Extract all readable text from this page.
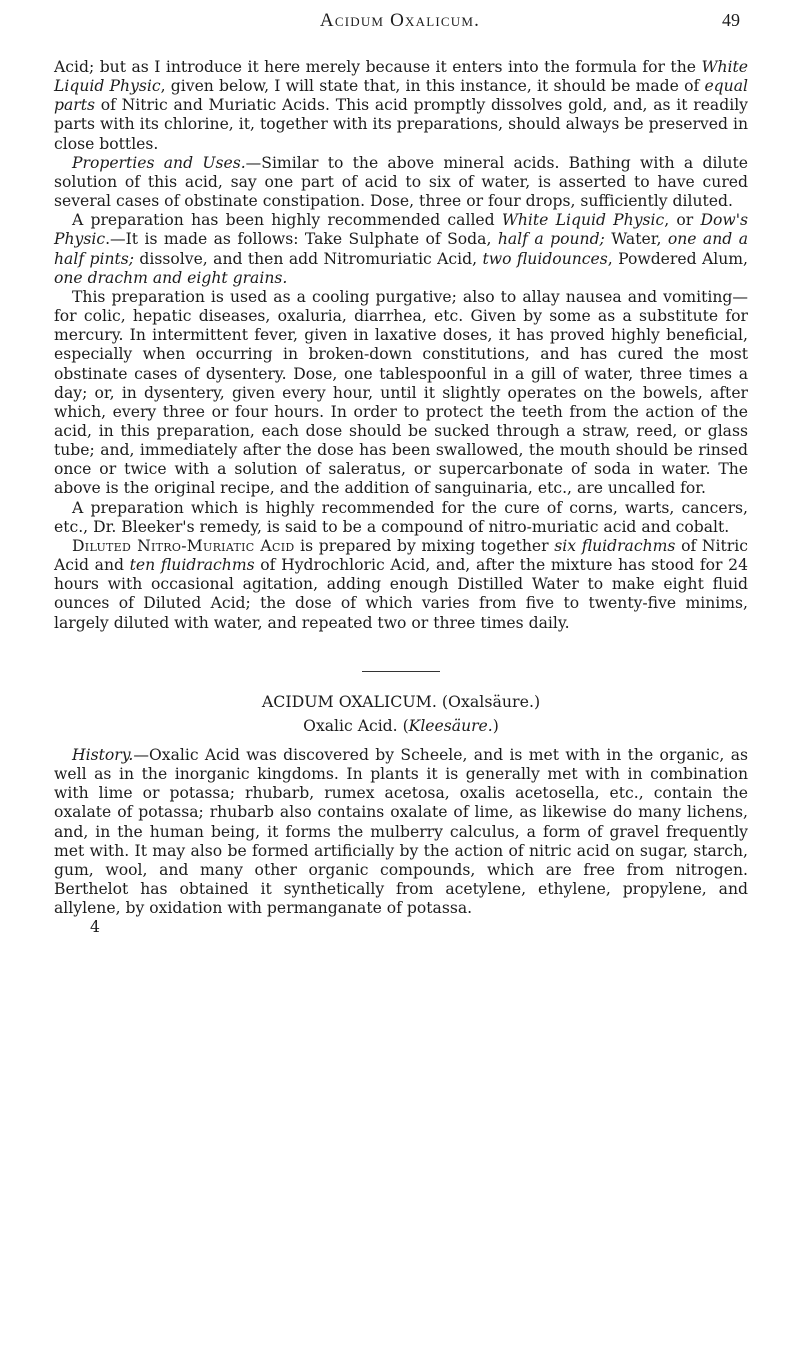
Acidum Oxalicum.	49

Acid; but as I introduce it here merely because it enters into the formula for the White Liquid Physic, given below, I will state that, in this instance, it should be made of equal parts of Nitric and Muriatic Acids. This acid promptly dissolves gold, and, as it readily parts with its chlorine, it, together with its preparations, should always be preserved in close bottles.

Properties and Uses.—Similar to the above mineral acids. Bathing with a dilute solution of this acid, say one part of acid to six of water, is asserted to have cured several cases of obstinate constipation. Dose, three or four drops, sufficiently diluted.

A preparation has been highly recommended called White Liquid Physic, or Dow's Physic.—It is made as follows: Take Sulphate of Soda, half a pound; Water, one and a half pints; dissolve, and then add Nitromuriatic Acid, two fluidounces, Powdered Alum, one drachm and eight grains.

This preparation is used as a cooling purgative; also to allay nausea and vomiting—for colic, hepatic diseases, oxaluria, diarrhea, etc. Given by some as a substitute for mercury. In intermittent fever, given in laxative doses, it has proved highly beneficial, especially when occurring in broken-down constitutions, and has cured the most obstinate cases of dysentery. Dose, one tablespoonful in a gill of water, three times a day; or, in dysentery, given every hour, until it slightly operates on the bowels, after which, every three or four hours. In order to protect the teeth from the action of the acid, in this preparation, each dose should be sucked through a straw, reed, or glass tube; and, immediately after the dose has been swallowed, the mouth should be rinsed once or twice with a solution of saleratus, or supercarbonate of soda in water. The above is the original recipe, and the addition of sanguinaria, etc., are uncalled for.

A preparation which is highly recommended for the cure of corns, warts, cancers, etc., Dr. Bleeker's remedy, is said to be a compound of nitro-muriatic acid and cobalt.

Diluted Nitro-Muriatic Acid is prepared by mixing together six fluidrachms of Nitric Acid and ten fluidrachms of Hydrochloric Acid, and, after the mixture has stood for 24 hours with occasional agitation, adding enough Distilled Water to make eight fluid ounces of Diluted Acid; the dose of which varies from five to twenty-five minims, largely diluted with water, and repeated two or three times daily.

ACIDUM OXALICUM. (Oxalsäure.)
Oxalic Acid. (Kleesäure.)

History.—Oxalic Acid was discovered by Scheele, and is met with in the organic, as well as in the inorganic kingdoms. In plants it is generally met with in combination with lime or potassa; rhubarb, rumex acetosa, oxalis acetosella, etc., contain the oxalate of potassa; rhubarb also contains oxalate of lime, as likewise do many lichens, and, in the human being, it forms the mulberry calculus, a form of gravel frequently met with. It may also be formed artificially by the action of nitric acid on sugar, starch, gum, wool, and many other organic compounds, which are free from nitrogen. Berthelot has obtained it synthetically from acetylene, ethylene, propylene, and allylene, by oxidation with permanganate of potassa.

4
